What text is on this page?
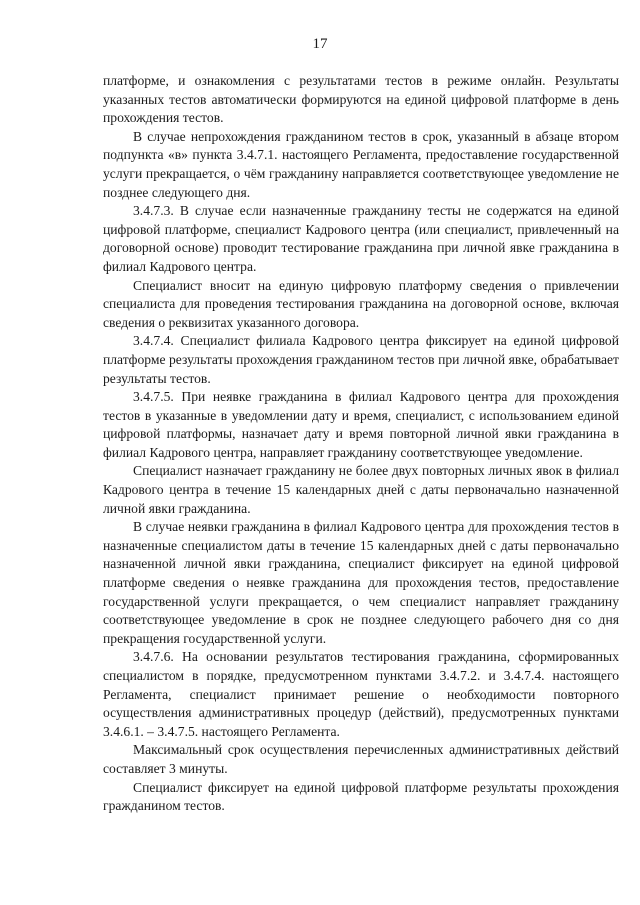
17

платформе, и ознакомления с результатами тестов в режиме онлайн. Результаты указанных тестов автоматически формируются на единой цифровой платформе в день прохождения тестов.

В случае непрохождения гражданином тестов в срок, указанный в абзаце втором подпункта «в» пункта 3.4.7.1. настоящего Регламента, предоставление государственной услуги прекращается, о чём гражданину направляется соответствующее уведомление не позднее следующего дня.

3.4.7.3. В случае если назначенные гражданину тесты не содержатся на единой цифровой платформе, специалист Кадрового центра (или специалист, привлеченный на договорной основе) проводит тестирование гражданина при личной явке гражданина в филиал Кадрового центра.

Специалист вносит на единую цифровую платформу сведения о привлечении специалиста для проведения тестирования гражданина на договорной основе, включая сведения о реквизитах указанного договора.

3.4.7.4. Специалист филиала Кадрового центра фиксирует на единой цифровой платформе результаты прохождения гражданином тестов при личной явке, обрабатывает результаты тестов.

3.4.7.5. При неявке гражданина в филиал Кадрового центра для прохождения тестов в указанные в уведомлении дату и время, специалист, с использованием единой цифровой платформы, назначает дату и время повторной личной явки гражданина в филиал Кадрового центра, направляет гражданину соответствующее уведомление.

Специалист назначает гражданину не более двух повторных личных явок в филиал Кадрового центра в течение 15 календарных дней с даты первоначально назначенной личной явки гражданина.

В случае неявки гражданина в филиал Кадрового центра для прохождения тестов в назначенные специалистом даты в течение 15 календарных дней с даты первоначально назначенной личной явки гражданина, специалист фиксирует на единой цифровой платформе сведения о неявке гражданина для прохождения тестов, предоставление государственной услуги прекращается, о чем специалист направляет гражданину соответствующее уведомление в срок не позднее следующего рабочего дня со дня прекращения государственной услуги.

3.4.7.6. На основании результатов тестирования гражданина, сформированных специалистом в порядке, предусмотренном пунктами 3.4.7.2. и 3.4.7.4. настоящего Регламента, специалист принимает решение о необходимости повторного осуществления административных процедур (действий), предусмотренных пунктами 3.4.6.1. – 3.4.7.5. настоящего Регламента.

Максимальный срок осуществления перечисленных административных действий составляет 3 минуты.

Специалист фиксирует на единой цифровой платформе результаты прохождения гражданином тестов.
